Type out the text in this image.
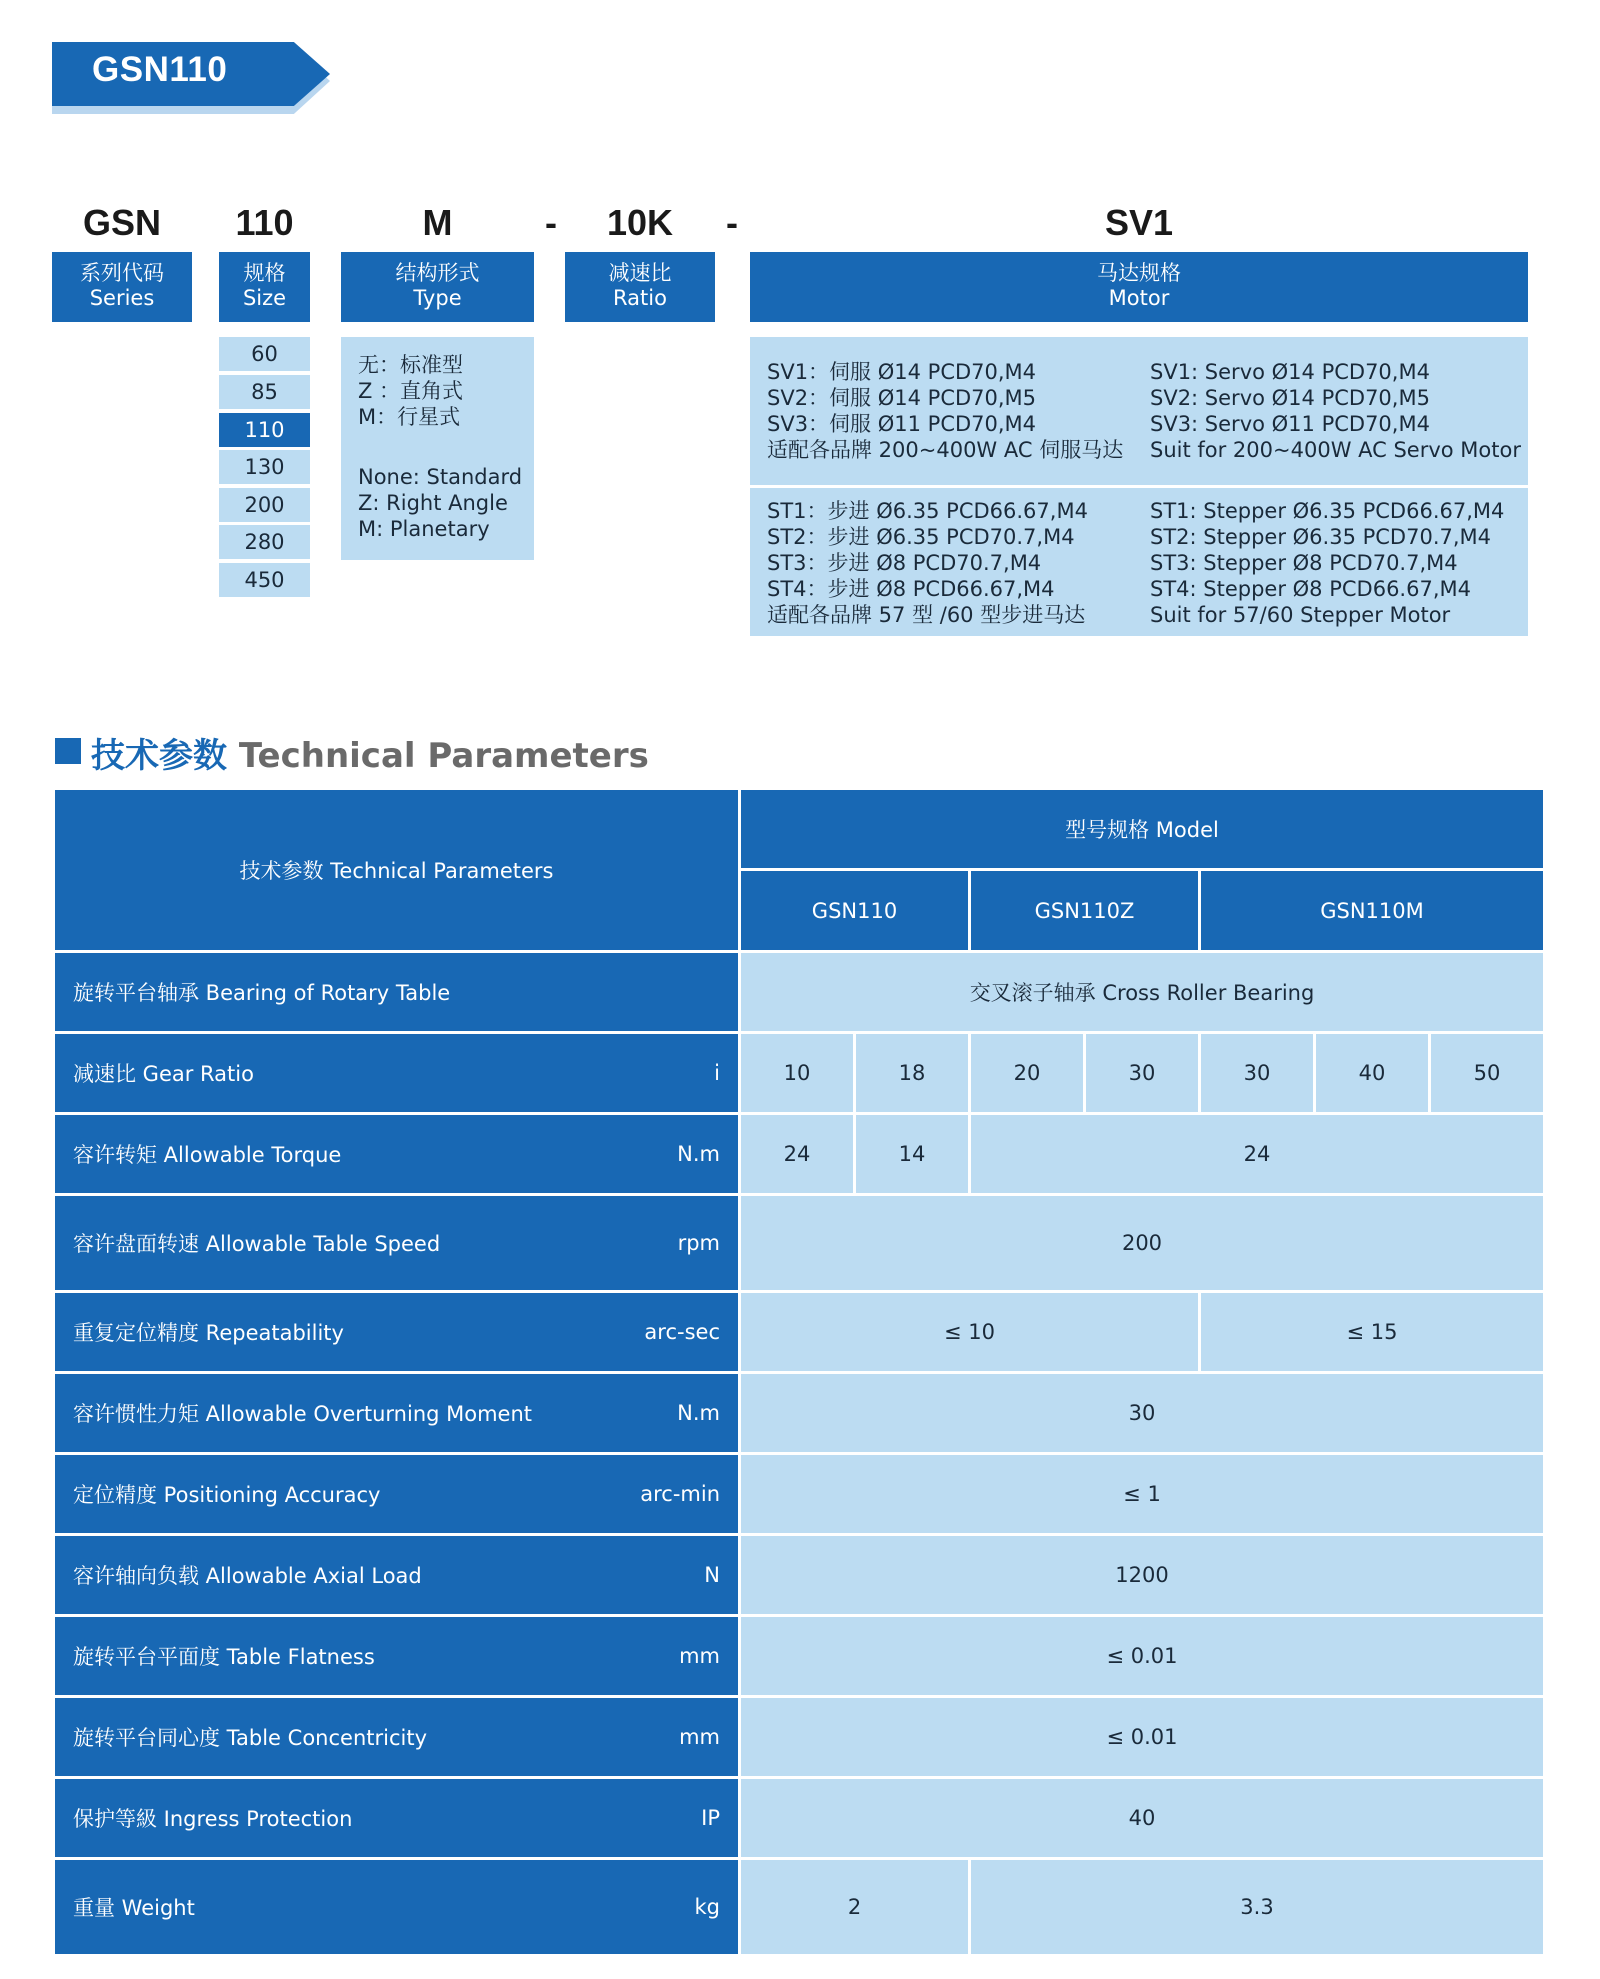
GSN110
GSN	110	M	-	10K	-	SV1
系列代码
Series
规格
Size
结构形式
Type
减速比
Ratio
马达规格
Motor
60
85
110
130
200
280
450
无：标准型
Z ：直角式
M：行星式
None: Standard
Z: Right Angle
M: Planetary
SV1：伺服 Ø14 PCD70,M4
SV2：伺服 Ø14 PCD70,M5
SV3：伺服 Ø11 PCD70,M4
适配各品牌 200~400W AC 伺服马达
SV1: Servo Ø14 PCD70,M4
SV2: Servo Ø14 PCD70,M5
SV3: Servo Ø11 PCD70,M4
Suit for 200~400W AC Servo Motor
ST1：步进 Ø6.35 PCD66.67,M4
ST2：步进 Ø6.35 PCD70.7,M4
ST3：步进 Ø8 PCD70.7,M4
ST4：步进 Ø8 PCD66.67,M4
适配各品牌 57 型 /60 型步进马达
ST1: Stepper Ø6.35 PCD66.67,M4
ST2: Stepper Ø6.35 PCD70.7,M4
ST3: Stepper Ø8 PCD70.7,M4
ST4: Stepper Ø8 PCD66.67,M4
Suit for 57/60 Stepper Motor
技术参数 Technical Parameters
技术参数 Technical Parameters
型号规格 Model
GSN110	GSN110Z	GSN110M
旋转平台轴承 Bearing of Rotary Table	交叉滚子轴承 Cross Roller Bearing
减速比 Gear Ratio	i	10	18	20	30	30	40	50
容许转矩 Allowable Torque	N.m	24	14	24
容许盘面转速 Allowable Table Speed	rpm	200
重复定位精度 Repeatability	arc-sec	≤ 10	≤ 15
容许惯性力矩 Allowable Overturning Moment	N.m	30
定位精度 Positioning Accuracy	arc-min	≤ 1
容许轴向负载 Allowable Axial Load	N	1200
旋转平台平面度 Table Flatness	mm	≤ 0.01
旋转平台同心度 Table Concentricity	mm	≤ 0.01
保护等級 Ingress Protection	IP	40
重量 Weight	kg	2	3.3
